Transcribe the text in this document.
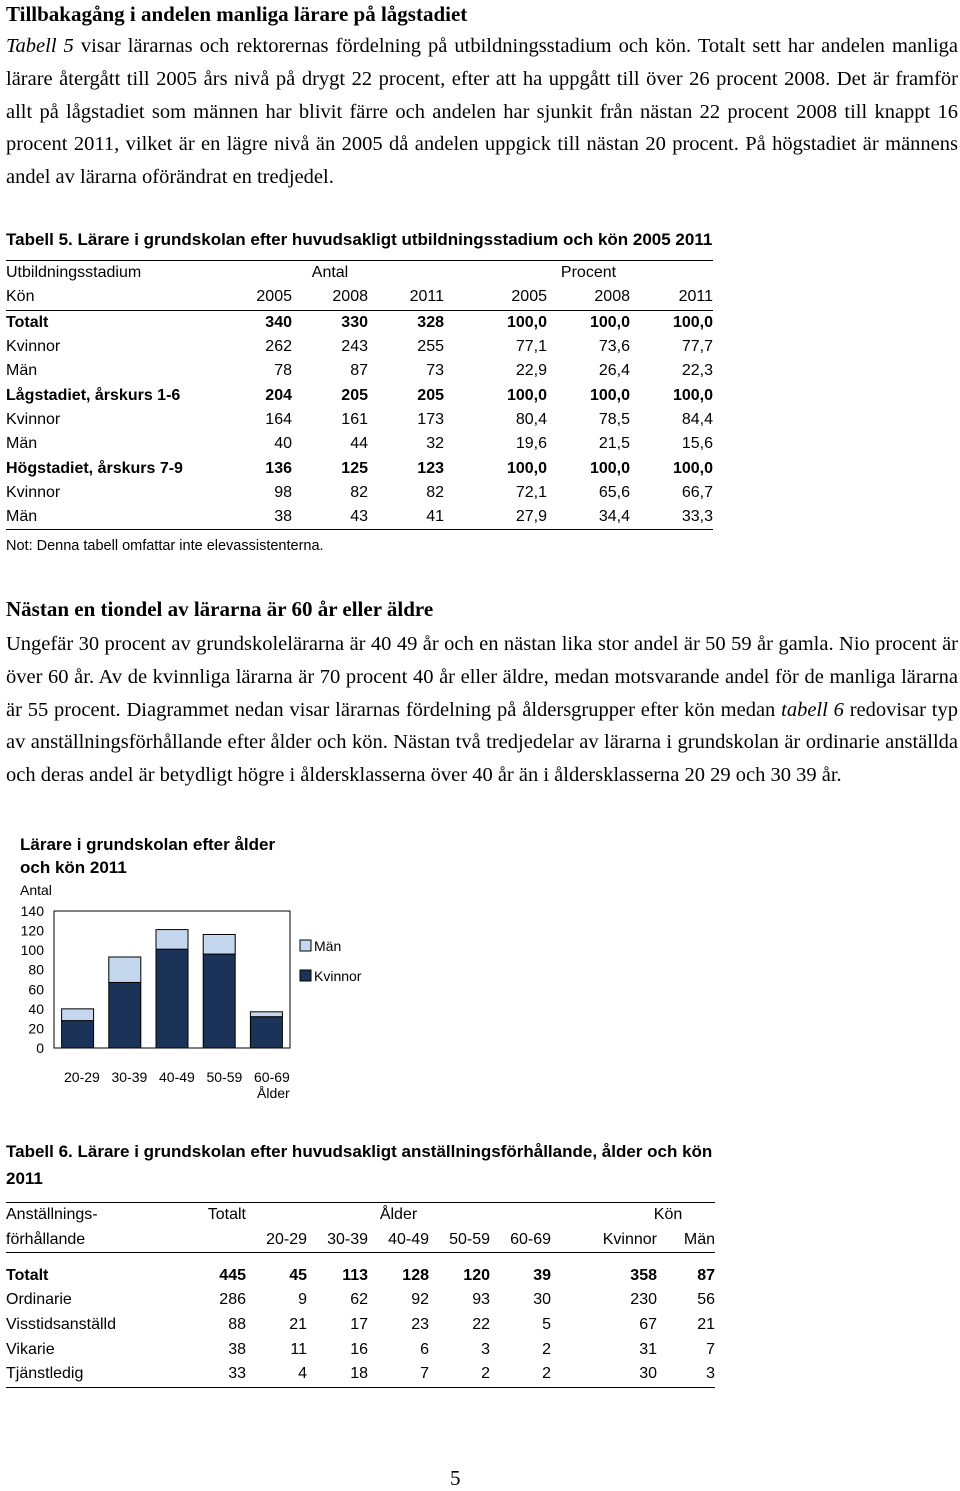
Tillbakagång i andelen manliga lärare på lågstadiet
Tabell 5 visar lärarnas och rektorernas fördelning på utbildningsstadium och kön. Totalt sett har andelen manliga lärare återgått till 2005 års nivå på drygt 22 procent, efter att ha uppgått till över 26 procent 2008. Det är framför allt på lågstadiet som männen har blivit färre och andelen har sjunkit från nästan 22 procent 2008 till knappt 16 procent 2011, vilket är en lägre nivå än 2005 då andelen uppgick till nästan 20 procent. På högstadiet är männens andel av lärarna oförändrat en tredjedel.
Tabell 5. Lärare i grundskolan efter huvudsakligt utbildningsstadium och kön 2005 2011
Utbildningsstadium	Antal				Procent		
Kön	2005	2008	2011		2005	2008	2011
Totalt	340	330	328		100,0	100,0	100,0
Kvinnor	262	243	255		77,1	73,6	77,7
Män	78	87	73		22,9	26,4	22,3
Lågstadiet, årskurs 1-6	204	205	205		100,0	100,0	100,0
Kvinnor	164	161	173		80,4	78,5	84,4
Män	40	44	32		19,6	21,5	15,6
Högstadiet, årskurs 7-9	136	125	123		100,0	100,0	100,0
Kvinnor	98	82	82		72,1	65,6	66,7
Män	38	43	41		27,9	34,4	33,3
Not: Denna tabell omfattar inte elevassistenterna.
Nästan en tiondel av lärarna är 60 år eller äldre
Ungefär 30 procent av grundskolelärarna är 40 49 år och en nästan lika stor andel är 50 59 år gamla. Nio procent är över 60 år. Av de kvinnliga lärarna är 70 procent 40 år eller äldre, medan motsvarande andel för de manliga lärarna är 55 procent. Diagrammet nedan visar lärarnas fördelning på åldersgrupper efter kön medan tabell 6 redovisar typ av anställningsförhållande efter ålder och kön. Nästan två tredjedelar av lärarna i grundskolan är ordinarie anställda och deras andel är betydligt högre i åldersklasserna över 40 år än i åldersklasserna 20 29 och 30 39 år.
Lärare i grundskolan efter ålder och kön 2011
Antal
0
20
40
60
80
100
120
140
20-29 30-39 40-49 50-59 60-69
Ålder
Män
Kvinnor
Tabell 6. Lärare i grundskolan efter huvudsakligt anställningsförhållande, ålder och kön 2011
Anställnings-	Totalt	Ålder					Kön	
förhållande		20-29	30-39	40-49	50-59	60-69	Kvinnor	Män

Totalt	445	45	113	128	120	39	358	87
Ordinarie	286	9	62	92	93	30	230	56
Visstidsanställd	88	21	17	23	22	5	67	21
Vikarie	38	11	16	6	3	2	31	7
Tjänstledig	33	4	18	7	2	2	30	3
5
